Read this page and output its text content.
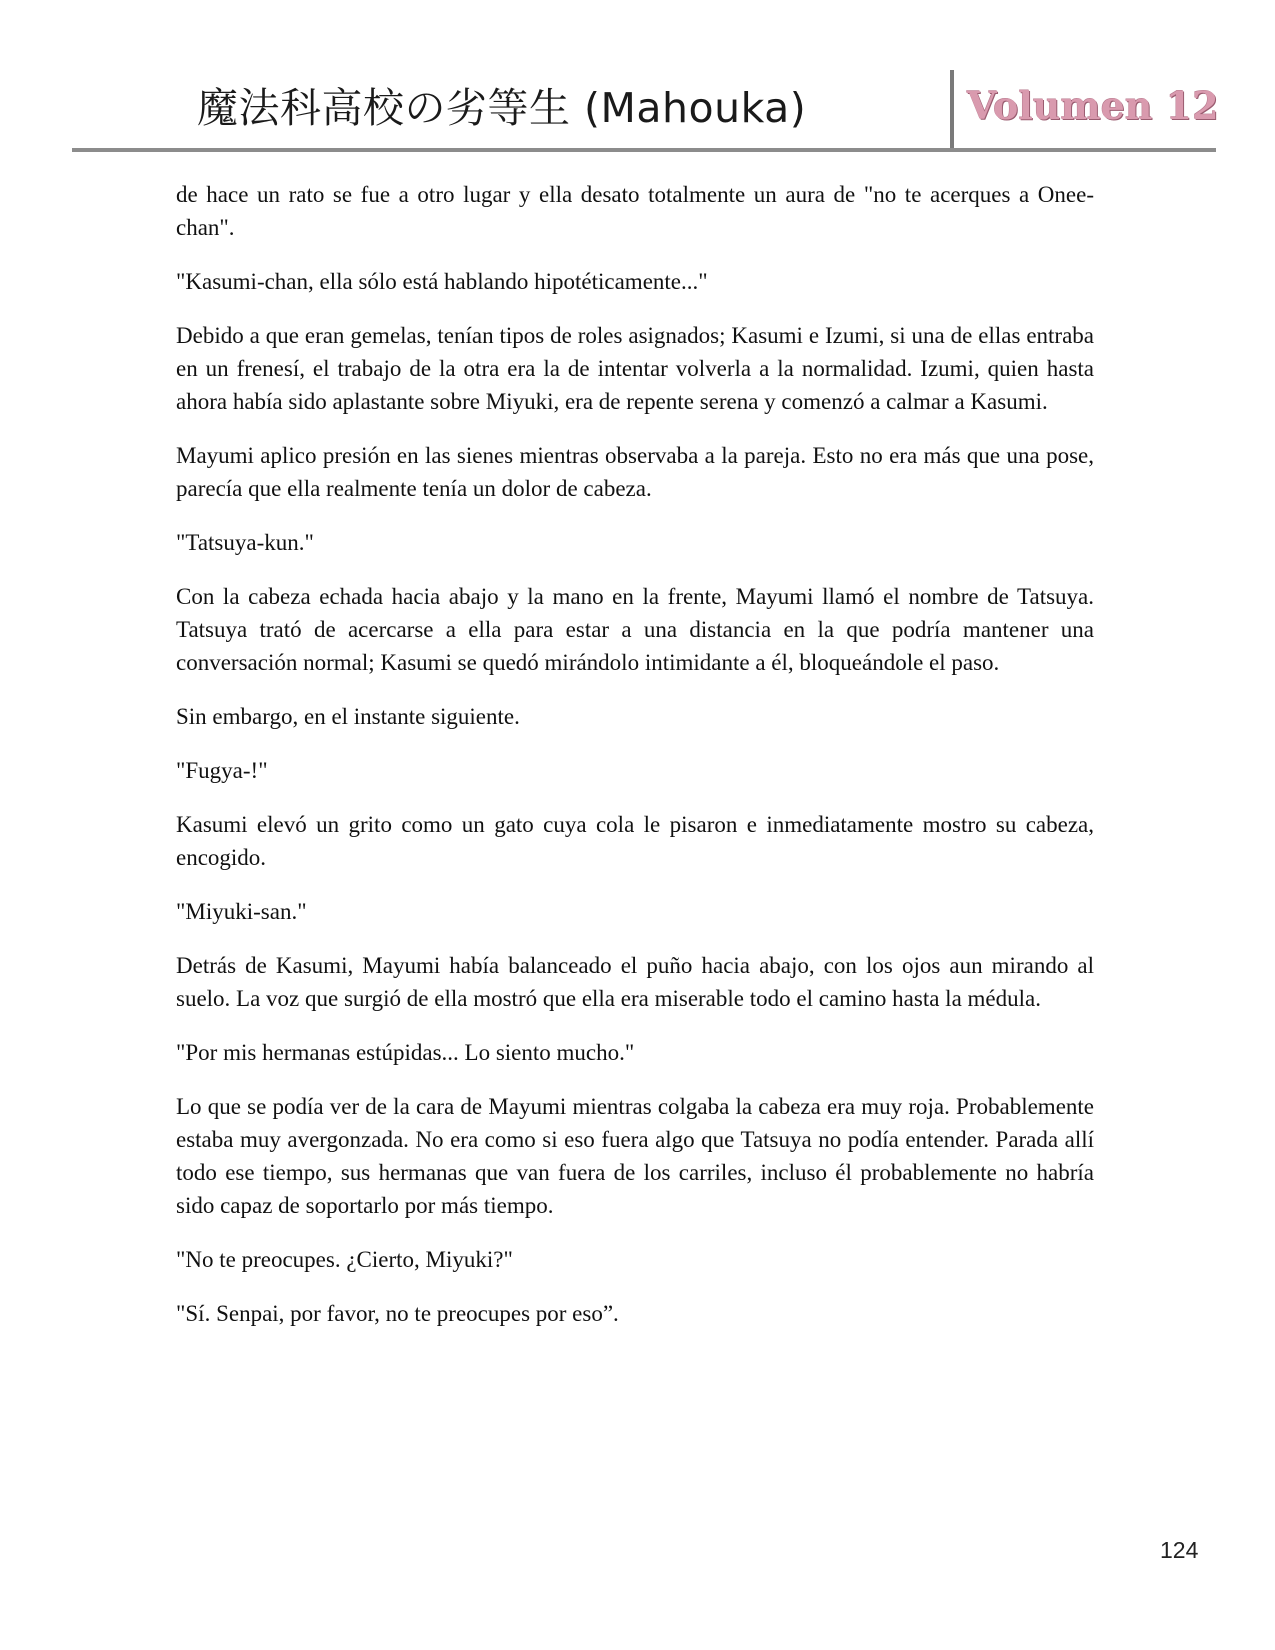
魔法科高校の劣等生 (Mahouka)	Volumen 12

de hace un rato se fue a otro lugar y ella desato totalmente un aura de "no te acerques a Onee-chan".

"Kasumi-chan, ella sólo está hablando hipotéticamente..."

Debido a que eran gemelas, tenían tipos de roles asignados; Kasumi e Izumi, si una de ellas entraba en un frenesí, el trabajo de la otra era la de intentar volverla a la normalidad. Izumi, quien hasta ahora había sido aplastante sobre Miyuki, era de repente serena y comenzó a calmar a Kasumi.

Mayumi aplico presión en las sienes mientras observaba a la pareja. Esto no era más que una pose, parecía que ella realmente tenía un dolor de cabeza.

"Tatsuya-kun."

Con la cabeza echada hacia abajo y la mano en la frente, Mayumi llamó el nombre de Tatsuya. Tatsuya trató de acercarse a ella para estar a una distancia en la que podría mantener una conversación normal; Kasumi se quedó mirándolo intimidante a él, bloqueándole el paso.

Sin embargo, en el instante siguiente.

"Fugya-!"

Kasumi elevó un grito como un gato cuya cola le pisaron e inmediatamente mostro su cabeza, encogido.

"Miyuki-san."

Detrás de Kasumi, Mayumi había balanceado el puño hacia abajo, con los ojos aun mirando al suelo. La voz que surgió de ella mostró que ella era miserable todo el camino hasta la médula.

"Por mis hermanas estúpidas... Lo siento mucho."

Lo que se podía ver de la cara de Mayumi mientras colgaba la cabeza era muy roja. Probablemente estaba muy avergonzada. No era como si eso fuera algo que Tatsuya no podía entender. Parada allí todo ese tiempo, sus hermanas que van fuera de los carriles, incluso él probablemente no habría sido capaz de soportarlo por más tiempo.

"No te preocupes. ¿Cierto, Miyuki?"

"Sí. Senpai, por favor, no te preocupes por eso”.

124
